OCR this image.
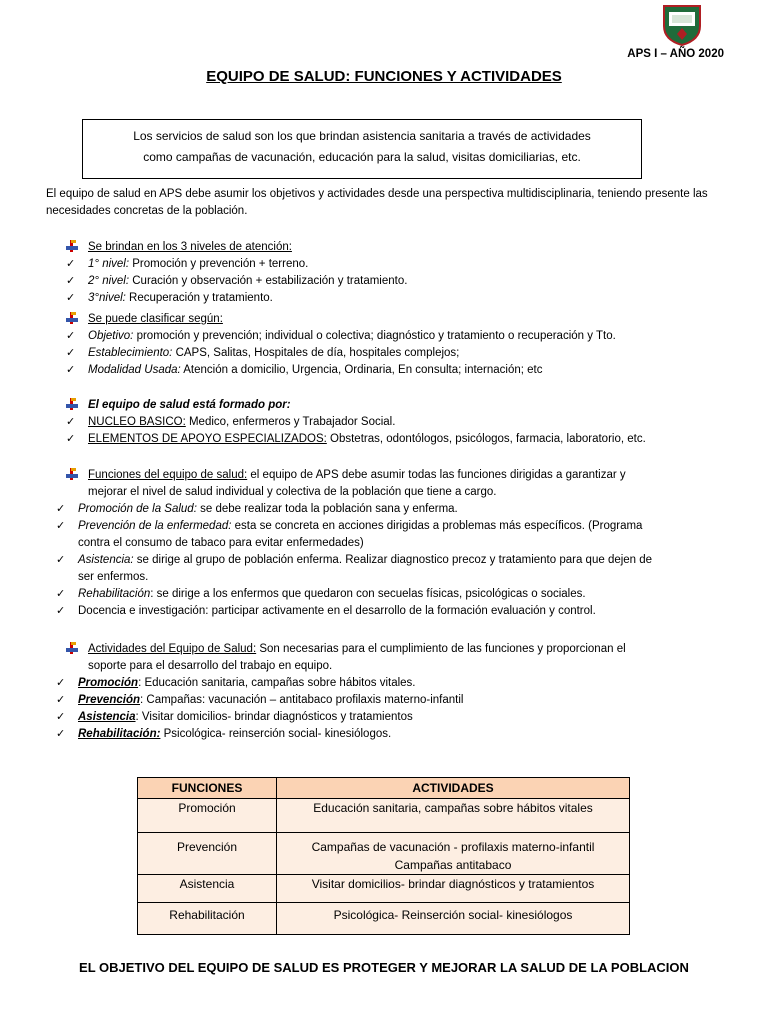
APS I – AÑO 2020
EQUIPO DE SALUD: FUNCIONES Y ACTIVIDADES
Los servicios de salud son los que brindan asistencia sanitaria a través de actividades
como campañas de vacunación, educación para la salud, visitas domiciliarias, etc.
El equipo de salud en APS debe asumir los objetivos y actividades desde una perspectiva multidisciplinaria, teniendo presente las necesidades concretas de la población.
Se brindan en los 3 niveles de atención:
✓	1° nivel: Promoción y prevención + terreno.
✓	2° nivel: Curación y observación + estabilización y tratamiento.
✓	3°nivel: Recuperación y tratamiento.
Se puede clasificar según:
✓	Objetivo: promoción y prevención; individual o colectiva; diagnóstico y tratamiento o recuperación y Tto.
✓	Establecimiento: CAPS, Salitas, Hospitales de día, hospitales complejos;
✓	Modalidad Usada: Atención a domicilio, Urgencia, Ordinaria, En consulta; internación; etc
El equipo de salud está formado por:
✓	NUCLEO BASICO: Medico, enfermeros y Trabajador Social.
✓	ELEMENTOS DE APOYO ESPECIALIZADOS: Obstetras, odontólogos, psicólogos, farmacia, laboratorio, etc.
Funciones del equipo de salud: el equipo de APS debe asumir todas las funciones dirigidas a garantizar y
mejorar el nivel de salud individual y colectiva de la población que tiene a cargo.
✓	Promoción de la Salud: se debe realizar toda la población sana y enferma.
✓	Prevención de la enfermedad: esta se concreta en acciones dirigidas a problemas más específicos. (Programa
contra el consumo de tabaco para evitar enfermedades)
✓	Asistencia: se dirige al grupo de población enferma. Realizar diagnostico precoz y tratamiento para que dejen de
ser enfermos.
✓	Rehabilitación: se dirige a los enfermos que quedaron con secuelas físicas, psicológicas o sociales.
✓	Docencia e investigación: participar activamente en el desarrollo de la formación evaluación y control.
Actividades del Equipo de Salud: Son necesarias para el cumplimiento de las funciones y proporcionan el
soporte para el desarrollo del trabajo en equipo.
✓	Promoción: Educación sanitaria, campañas sobre hábitos vitales.
✓	Prevención: Campañas: vacunación – antitabaco profilaxis materno-infantil
✓	Asistencia: Visitar domicilios- brindar diagnósticos y tratamientos
✓	Rehabilitación: Psicológica- reinserción social- kinesiólogos.
FUNCIONES	ACTIVIDADES
Promoción	Educación sanitaria, campañas sobre hábitos vitales

Prevención	Campañas de vacunación - profilaxis materno-infantil
Campañas antitabaco

Asistencia	Visitar domicilios- brindar diagnósticos y tratamientos

Rehabilitación	Psicológica- Reinserción social- kinesiólogos
EL OBJETIVO DEL EQUIPO DE SALUD ES PROTEGER Y MEJORAR LA SALUD DE LA POBLACION
